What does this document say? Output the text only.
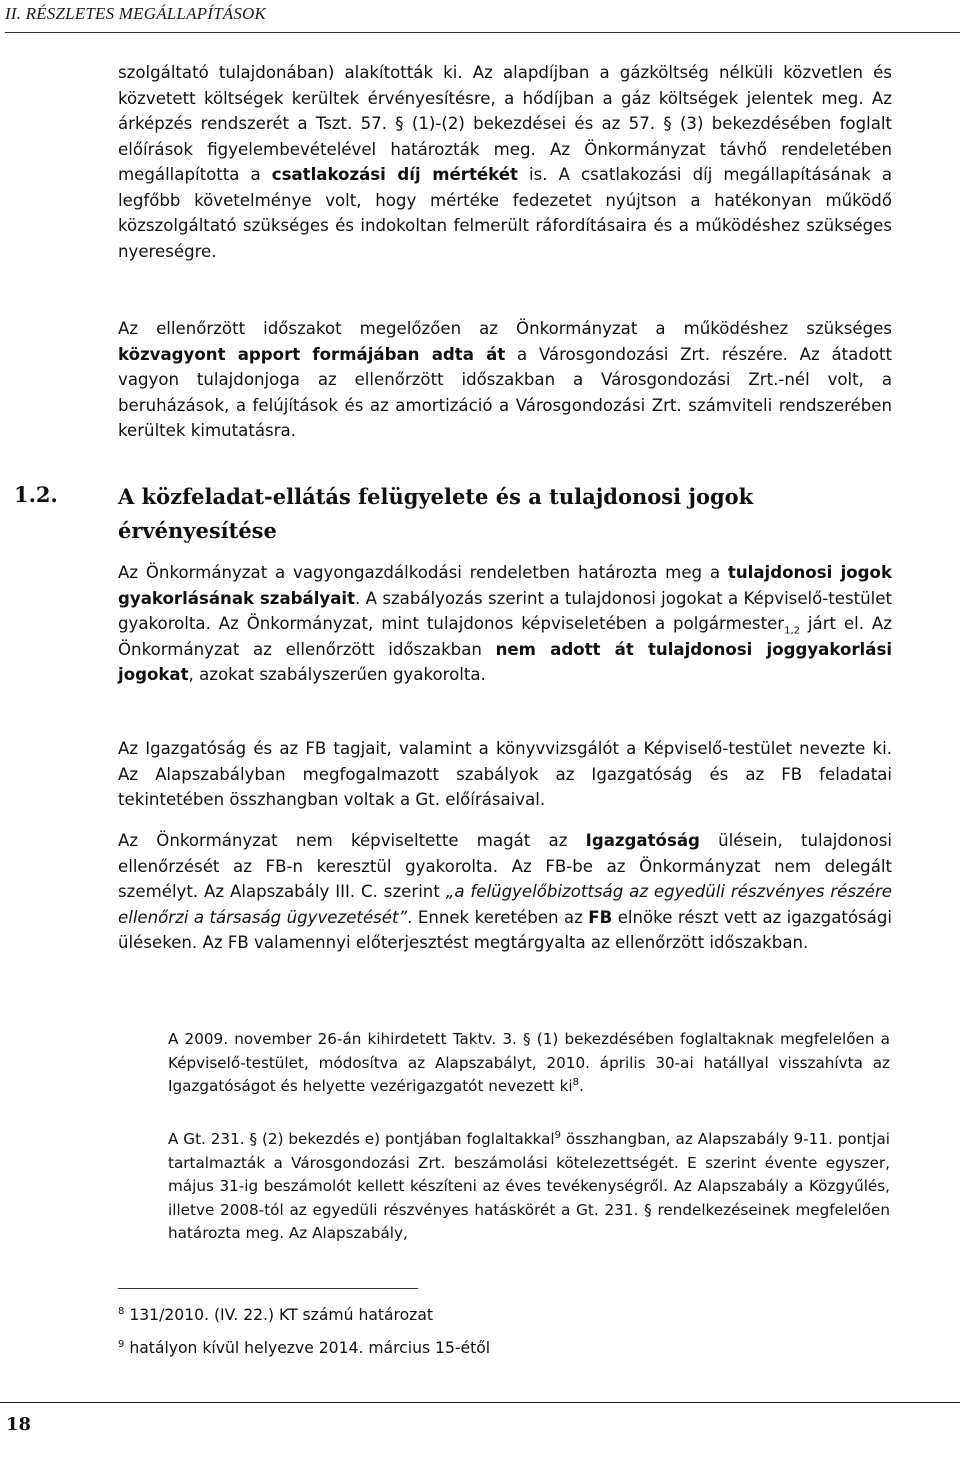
II. RÉSZLETES MEGÁLLAPÍTÁSOK
szolgáltató tulajdonában) alakították ki. Az alapdíjban a gázköltség nélküli közvetlen és közvetett költségek kerültek érvényesítésre, a hődíjban a gáz költségek jelentek meg. Az árképzés rendszerét a Tszt. 57. § (1)-(2) bekezdései és az 57. § (3) bekezdésében foglalt előírások figyelembevételével határozták meg. Az Önkormányzat távhő rendeletében megállapította a csatlakozási díj mértékét is. A csatlakozási díj megállapításának a legfőbb követelménye volt, hogy mértéke fedezetet nyújtson a hatékonyan működő közszolgáltató szükséges és indokoltan felmerült ráfordításaira és a működéshez szükséges nyereségre.
Az ellenőrzött időszakot megelőzően az Önkormányzat a működéshez szükséges közvagyont apport formájában adta át a Városgondozási Zrt. részére. Az átadott vagyon tulajdonjoga az ellenőrzött időszakban a Városgondozási Zrt.-nél volt, a beruházások, a felújítások és az amortizáció a Városgondozási Zrt. számviteli rendszerében kerültek kimutatásra.
1.2.	A közfeladat-ellátás felügyelete és a tulajdonosi jogok érvényesítése
Az Önkormányzat a vagyongazdálkodási rendeletben határozta meg a tulajdonosi jogok gyakorlásának szabályait. A szabályozás szerint a tulajdonosi jogokat a Képviselő-testület gyakorolta. Az Önkormányzat, mint tulajdonos képviseletében a polgármester$_{1,2}$ járt el. Az Önkormányzat az ellenőrzött időszakban nem adott át tulajdonosi joggyakorlási jogokat, azokat szabályszerűen gyakorolta.
Az Igazgatóság és az FB tagjait, valamint a könyvvizsgálót a Képviselő-testület nevezte ki. Az Alapszabályban megfogalmazott szabályok az Igazgatóság és az FB feladatai tekintetében összhangban voltak a Gt. előírásaival.
Az Önkormányzat nem képviseltette magát az Igazgatóság ülésein, tulajdonosi ellenőrzését az FB-n keresztül gyakorolta. Az FB-be az Önkormányzat nem delegált személyt. Az Alapszabály III. C. szerint „a felügyelőbizottság az egyedüli részvényes részére ellenőrzi a társaság ügyvezetését”. Ennek keretében az FB elnöke részt vett az igazgatósági üléseken. Az FB valamennyi előterjesztést megtárgyalta az ellenőrzött időszakban.
A 2009. november 26-án kihirdetett Taktv. 3. § (1) bekezdésében foglaltaknak megfelelően a Képviselő-testület, módosítva az Alapszabályt, 2010. április 30-ai hatállyal visszahívta az Igazgatóságot és helyette vezérigazgatót nevezett $ki^8$.
A Gt. 231. § (2) bekezdés e) pontjában foglaltakkal$^9$ összhangban, az Alapszabály 9-11. pontjai tartalmazták a Városgondozási Zrt. beszámolási kötelezettségét. E szerint évente egyszer, május 31-ig beszámolót kellett készíteni az éves tevékenységről. Az Alapszabály a Közgyűlés, illetve 2008-tól az egyedüli részvényes hatáskörét a Gt. 231. § rendelkezéseinek megfelelően határozta meg. Az Alapszabály,
$^8$ 131/2010. (IV. 22.) KT számú határozat
$^9$ hatályon kívül helyezve 2014. március 15-étől
18
